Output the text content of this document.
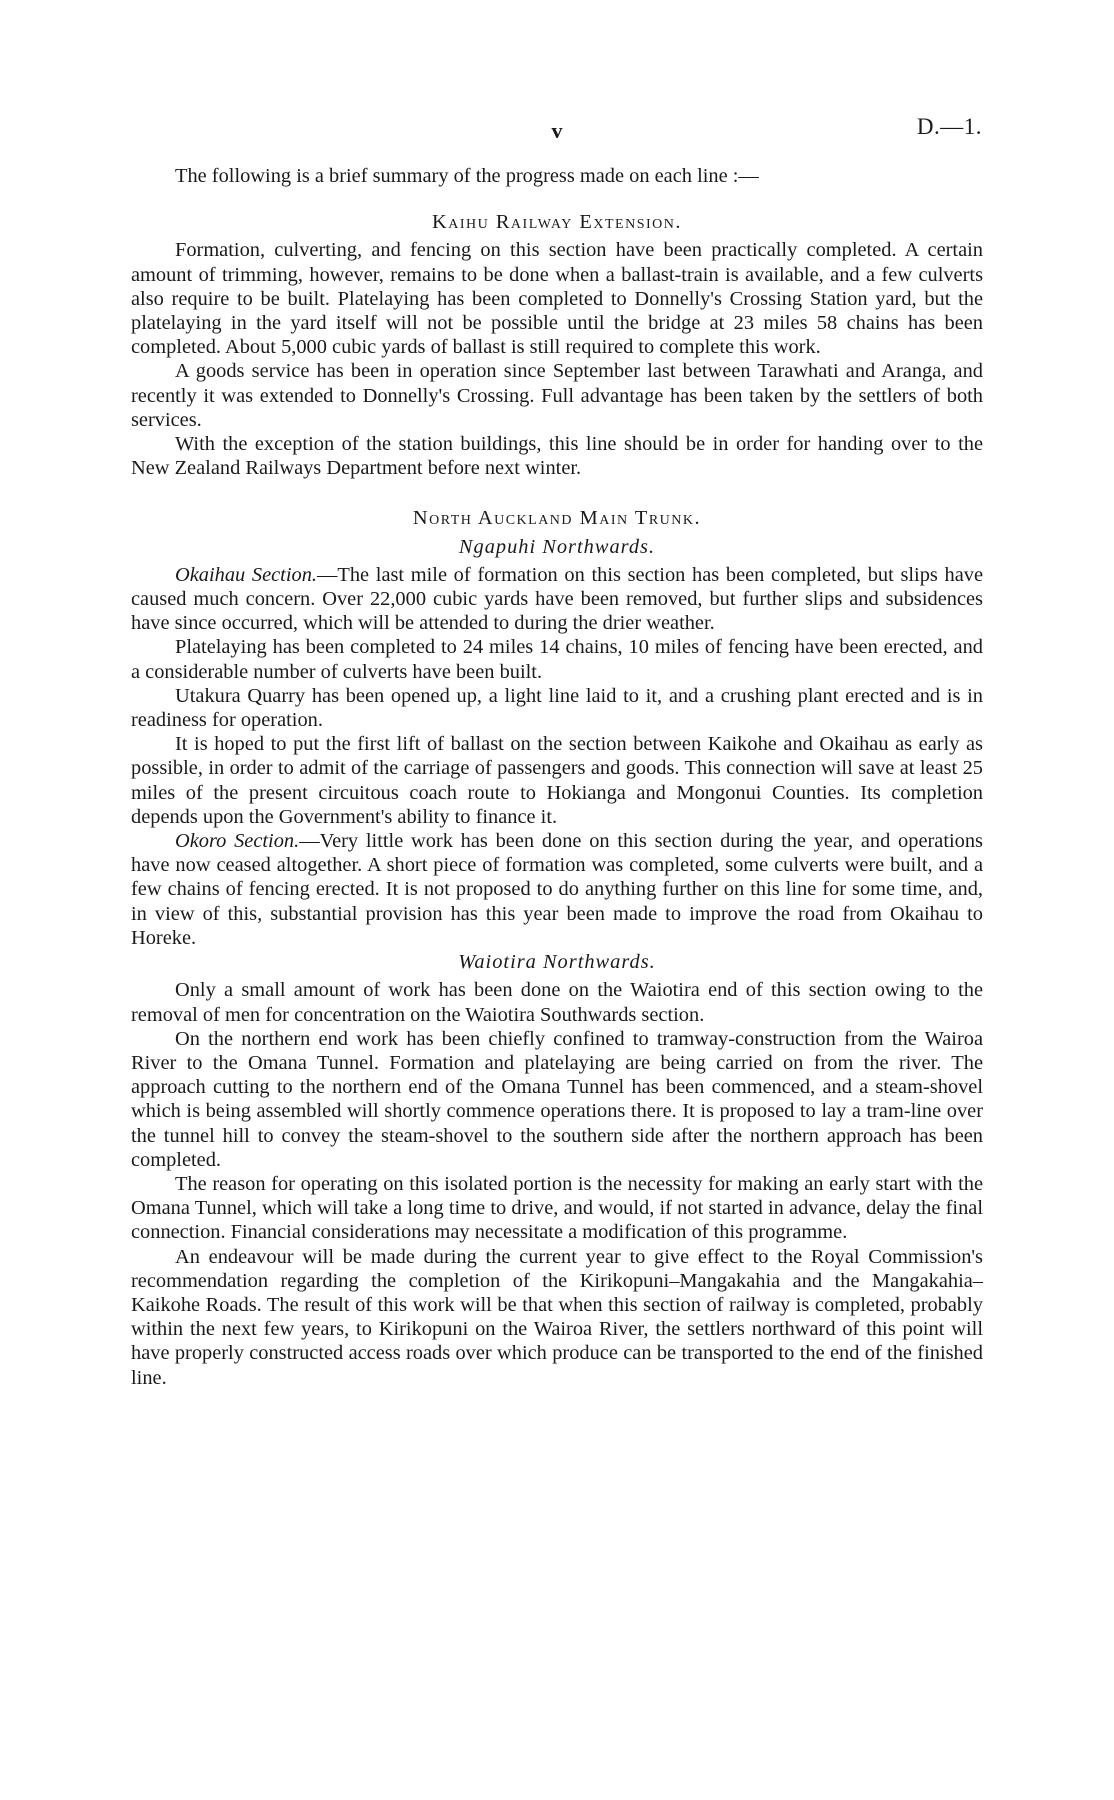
v	D.—1.

The following is a brief summary of the progress made on each line :—

Kaihu Railway Extension.

Formation, culverting, and fencing on this section have been practically completed. A certain amount of trimming, however, remains to be done when a ballast-train is available, and a few culverts also require to be built. Platelaying has been completed to Donnelly's Crossing Station yard, but the platelaying in the yard itself will not be possible until the bridge at 23 miles 58 chains has been completed. About 5,000 cubic yards of ballast is still required to complete this work.

A goods service has been in operation since September last between Tarawhati and Aranga, and recently it was extended to Donnelly's Crossing. Full advantage has been taken by the settlers of both services.

With the exception of the station buildings, this line should be in order for handing over to the New Zealand Railways Department before next winter.

North Auckland Main Trunk.
Ngapuhi Northwards.

Okaihau Section.—The last mile of formation on this section has been completed, but slips have caused much concern. Over 22,000 cubic yards have been removed, but further slips and subsidences have since occurred, which will be attended to during the drier weather.

Platelaying has been completed to 24 miles 14 chains, 10 miles of fencing have been erected, and a considerable number of culverts have been built.

Utakura Quarry has been opened up, a light line laid to it, and a crushing plant erected and is in readiness for operation.

It is hoped to put the first lift of ballast on the section between Kaikohe and Okaihau as early as possible, in order to admit of the carriage of passengers and goods. This connection will save at least 25 miles of the present circuitous coach route to Hokianga and Mongonui Counties. Its completion depends upon the Government's ability to finance it.

Okoro Section.—Very little work has been done on this section during the year, and operations have now ceased altogether. A short piece of formation was completed, some culverts were built, and a few chains of fencing erected. It is not proposed to do anything further on this line for some time, and, in view of this, substantial provision has this year been made to improve the road from Okaihau to Horeke.

Waiotira Northwards.

Only a small amount of work has been done on the Waiotira end of this section owing to the removal of men for concentration on the Waiotira Southwards section.

On the northern end work has been chiefly confined to tramway-construction from the Wairoa River to the Omana Tunnel. Formation and platelaying are being carried on from the river. The approach cutting to the northern end of the Omana Tunnel has been commenced, and a steam-shovel which is being assembled will shortly commence operations there. It is proposed to lay a tram-line over the tunnel hill to convey the steam-shovel to the southern side after the northern approach has been completed.

The reason for operating on this isolated portion is the necessity for making an early start with the Omana Tunnel, which will take a long time to drive, and would, if not started in advance, delay the final connection. Financial considerations may necessitate a modification of this programme.

An endeavour will be made during the current year to give effect to the Royal Commission's recommendation regarding the completion of the Kirikopuni–Mangakahia and the Mangakahia–Kaikohe Roads. The result of this work will be that when this section of railway is completed, probably within the next few years, to Kirikopuni on the Wairoa River, the settlers northward of this point will have properly constructed access roads over which produce can be transported to the end of the finished line.
